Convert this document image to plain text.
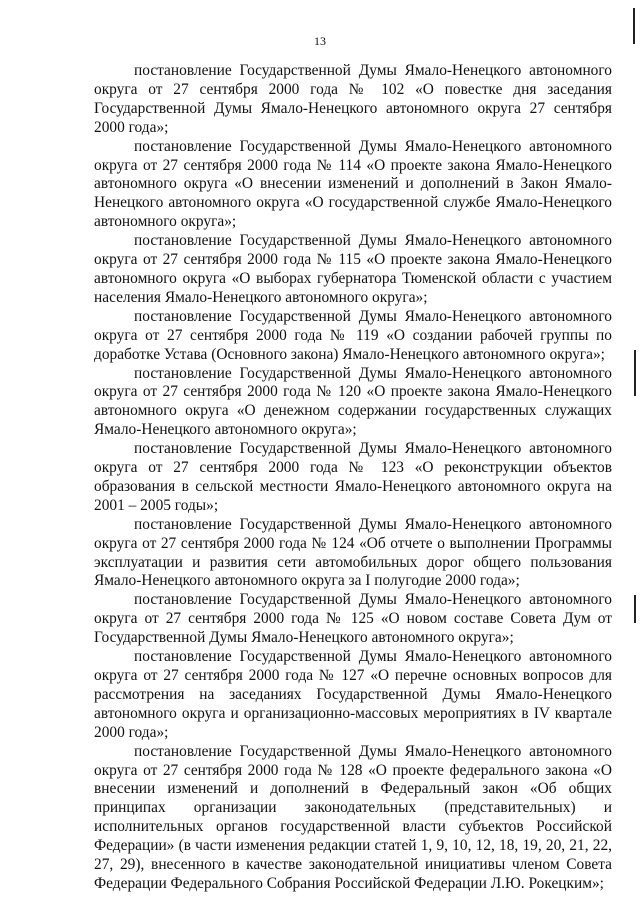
13

постановление Государственной Думы Ямало-Ненецкого автономного округа от 27 сентября 2000 года № 102 «О повестке дня заседания Государственной Думы Ямало-Ненецкого автономного округа 27 сентября 2000 года»;

постановление Государственной Думы Ямало-Ненецкого автономного округа от 27 сентября 2000 года № 114 «О проекте закона Ямало-Ненецкого автономного округа «О внесении изменений и дополнений в Закон Ямало-Ненецкого автономного округа «О государственной службе Ямало-Ненецкого автономного округа»;

постановление Государственной Думы Ямало-Ненецкого автономного округа от 27 сентября 2000 года № 115 «О проекте закона Ямало-Ненецкого автономного округа «О выборах губернатора Тюменской области с участием населения Ямало-Ненецкого автономного округа»;

постановление Государственной Думы Ямало-Ненецкого автономного округа от 27 сентября 2000 года № 119 «О создании рабочей группы по доработке Устава (Основного закона) Ямало-Ненецкого автономного округа»;

постановление Государственной Думы Ямало-Ненецкого автономного округа от 27 сентября 2000 года № 120 «О проекте закона Ямало-Ненецкого автономного округа «О денежном содержании государственных служащих Ямало-Ненецкого автономного округа»;

постановление Государственной Думы Ямало-Ненецкого автономного округа от 27 сентября 2000 года № 123 «О реконструкции объектов образования в сельской местности Ямало-Ненецкого автономного округа на 2001 – 2005 годы»;

постановление Государственной Думы Ямало-Ненецкого автономного округа от 27 сентября 2000 года № 124 «Об отчете о выполнении Программы эксплуатации и развития сети автомобильных дорог общего пользования Ямало-Ненецкого автономного округа за I полугодие 2000 года»;

постановление Государственной Думы Ямало-Ненецкого автономного округа от 27 сентября 2000 года № 125 «О новом составе Совета Дум от Государственной Думы Ямало-Ненецкого автономного округа»;

постановление Государственной Думы Ямало-Ненецкого автономного округа от 27 сентября 2000 года № 127 «О перечне основных вопросов для рассмотрения на заседаниях Государственной Думы Ямало-Ненецкого автономного округа и организационно-массовых мероприятиях в IV квартале 2000 года»;

постановление Государственной Думы Ямало-Ненецкого автономного округа от 27 сентября 2000 года № 128 «О проекте федерального закона «О внесении изменений и дополнений в Федеральный закон «Об общих принципах организации законодательных (представительных) и исполнительных органов государственной власти субъектов Российской Федерации» (в части изменения редакции статей 1, 9, 10, 12, 18, 19, 20, 21, 22, 27, 29), внесенного в качестве законодательной инициативы членом Совета Федерации Федерального Собрания Российской Федерации Л.Ю. Рокецким»;
